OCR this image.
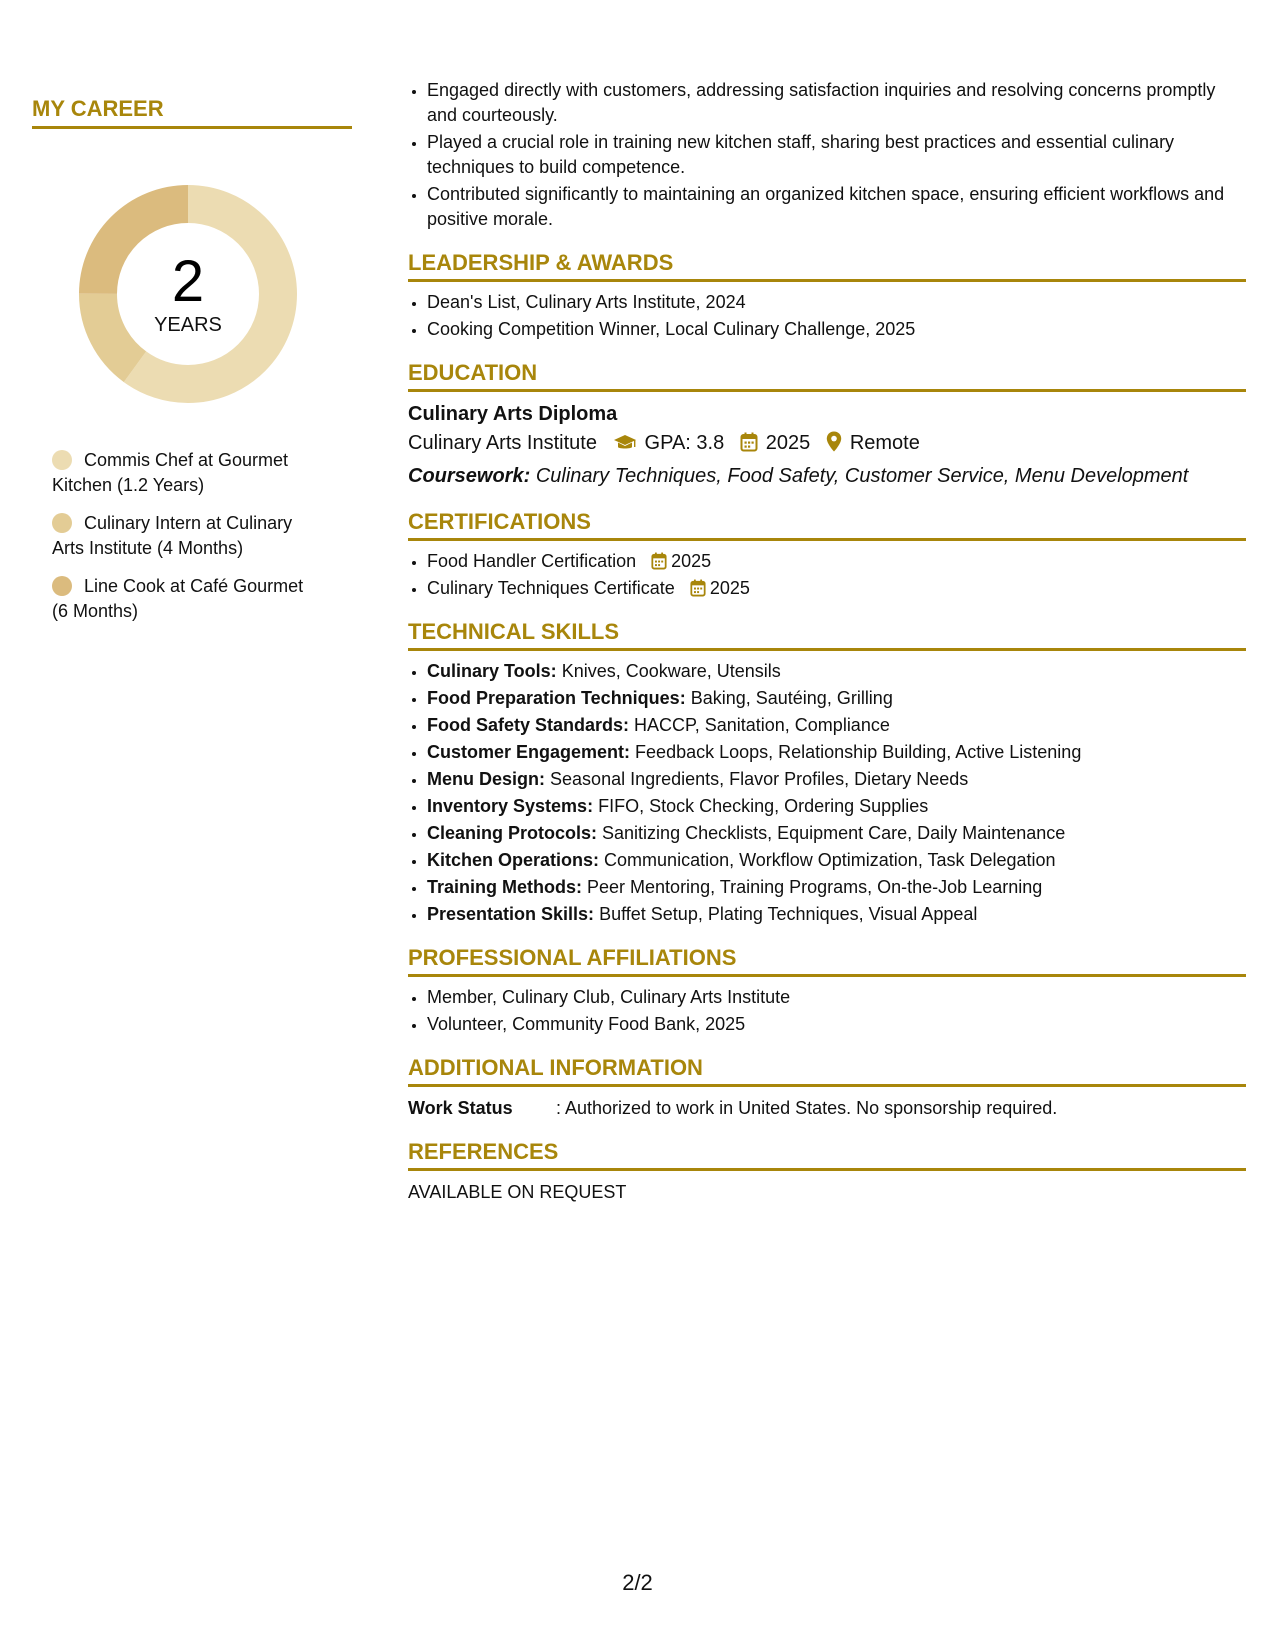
MY CAREER
2
YEARS
Commis Chef at Gourmet Kitchen (1.2 Years)
Culinary Intern at Culinary Arts Institute (4 Months)
Line Cook at Café Gourmet (6 Months)
• Engaged directly with customers, addressing satisfaction inquiries and resolving concerns promptly and courteously.
• Played a crucial role in training new kitchen staff, sharing best practices and essential culinary techniques to build competence.
• Contributed significantly to maintaining an organized kitchen space, ensuring efficient workflows and positive morale.
LEADERSHIP & AWARDS
• Dean's List, Culinary Arts Institute, 2024
• Cooking Competition Winner, Local Culinary Challenge, 2025
EDUCATION
Culinary Arts Diploma
Culinary Arts Institute GPA: 3.8 2025 Remote
Coursework: Culinary Techniques, Food Safety, Customer Service, Menu Development
CERTIFICATIONS
• Food Handler Certification 2025
• Culinary Techniques Certificate 2025
TECHNICAL SKILLS
• Culinary Tools: Knives, Cookware, Utensils
• Food Preparation Techniques: Baking, Sautéing, Grilling
• Food Safety Standards: HACCP, Sanitation, Compliance
• Customer Engagement: Feedback Loops, Relationship Building, Active Listening
• Menu Design: Seasonal Ingredients, Flavor Profiles, Dietary Needs
• Inventory Systems: FIFO, Stock Checking, Ordering Supplies
• Cleaning Protocols: Sanitizing Checklists, Equipment Care, Daily Maintenance
• Kitchen Operations: Communication, Workflow Optimization, Task Delegation
• Training Methods: Peer Mentoring, Training Programs, On-the-Job Learning
• Presentation Skills: Buffet Setup, Plating Techniques, Visual Appeal
PROFESSIONAL AFFILIATIONS
• Member, Culinary Club, Culinary Arts Institute
• Volunteer, Community Food Bank, 2025
ADDITIONAL INFORMATION
Work Status : Authorized to work in United States. No sponsorship required.
REFERENCES
AVAILABLE ON REQUEST
2/2
